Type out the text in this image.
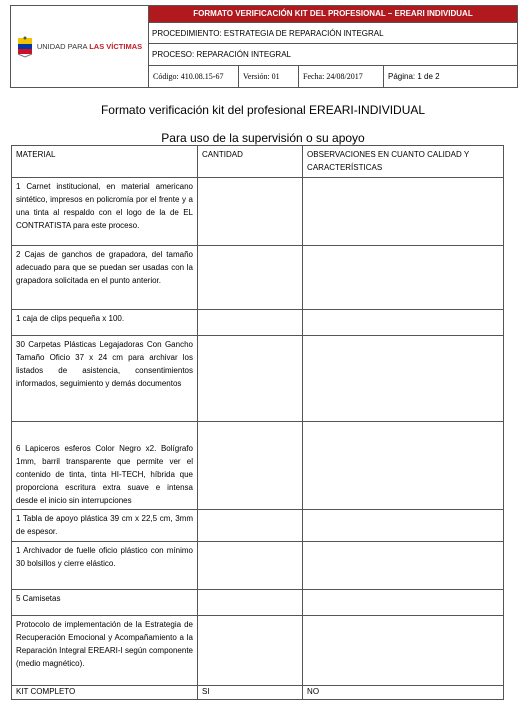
UNIDAD PARA LAS VÍCTIMAS	FORMATO VERIFICACIÓN KIT DEL PROFESIONAL – EREARI INDIVIDUAL			
	PROCEDIMIENTO: ESTRATEGIA DE REPARACIÓN INTEGRAL			
	PROCESO: REPARACIÓN INTEGRAL			
	Código: 410.08.15-67	Versión: 01	Fecha: 24/08/2017	Página: 1 de 2
Formato verificación kit del profesional EREARI-INDIVIDUAL
Para uso de la supervisión o su apoyo
MATERIAL	CANTIDAD	OBSERVACIONES EN CUANTO CALIDAD Y CARACTERÍSTICAS
1 Carnet institucional, en material americano sintético, impresos en policromía por el frente y a una tinta al respaldo con el logo de la de EL CONTRATISTA para este proceso.		
2 Cajas de ganchos de grapadora, del tamaño adecuado para que se puedan ser usadas con la grapadora solicitada en el punto anterior.		
1 caja de clips pequeña x 100.		
30 Carpetas Plásticas Legajadoras Con Gancho Tamaño Oficio 37 x 24 cm para archivar los listados de asistencia, consentimientos informados, seguimiento y demás documentos		
6 Lapiceros esferos Color Negro x2. Bolígrafo 1mm, barril transparente que permite ver el contenido de tinta, tinta HI-TECH, híbrida que proporciona escritura extra suave e intensa desde el inicio sin interrupciones		
1 Tabla de apoyo plástica 39 cm x 22,5 cm, 3mm de espesor.		
1 Archivador de fuelle oficio plástico con mínimo 30 bolsillos y cierre elástico.		
5 Camisetas		
Protocolo de implementación de la Estrategia de Recuperación Emocional y Acompañamiento a la Reparación Integral EREARI-I según componente (medio magnético).		
KIT COMPLETO	SI	NO
